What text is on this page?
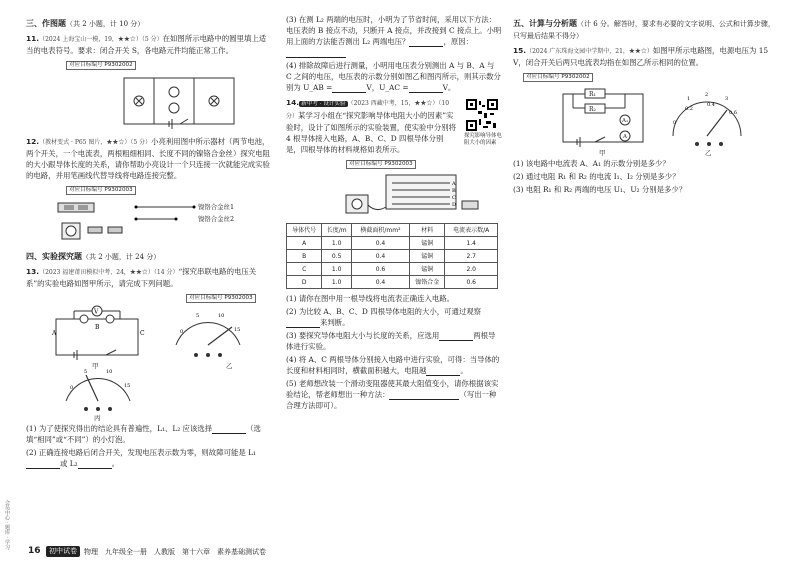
会员中心 · 题库 · 学习
三、作图题（共 2 小题，计 10 分）
11.（2024 上海宝山一模，19，★★☆）（5 分）在如图所示电路中的圆里填上适当的电表符号。要求：闭合开关 S，各电路元件均能正常工作。
对应目标编号 P9302002
12.（教材变式 · P65 图片，★★☆）（5 分）小亮利用图中所示器材（两节电池，两个开关，一个电流表，两根粗细相同、长度不同的镍铬合金丝）探究电阻的大小跟导体长度的关系，请你帮助小亮设计一个只连接一次就能完成实验的电路，并用笔画线代替导线将电路连接完整。
对应目标编号 P9302003
镍铬合金丝1
镍铬合金丝2
四、实验探究题（共 2 小题，计 24 分）
13.（2023 福建莆田模拟中考，24，★★☆）（14 分）“探究串联电路的电压关系”的实验电路如图甲所示，请完成下列问题。
对应目标编号 P9302003
V
A
B
C	0
5	10
15
0
5	10
15
甲	乙
丙
(1) 为了使探究得出的结论具有普遍性，L₁、L₂ 应该选择	（选填“相同”或“不同”）的小灯泡。
(2) 正确连接电路后闭合开关，发现电压表示数为零，则故障可能是 L₁或 L₂	。
(3) 在测 L₂ 两端的电压时，小明为了节省时间，采用以下方法：电压表的 B 接点不动，只断开 A 接点，并改接到 C 接点上。小明用上面的方法能否测出 L₂ 两端电压？	，原因：
(4) 排除故障后进行测量，小明用电压表分别测出 A 与 B、A 与 C 之间的电压，电压表的示数分别如图乙和图丙所示，则其示数分别为 U_AB =	V，U_AC =	V。
14. 新中考 · 设计实验 （2023 西藏中考，15，★★☆）（10 分）某学习小组在“探究影响导体电阻大小的因素”实验时，设计了如图所示的实验装置，使实验中分别将 4 根导体接入电路，A、B、C、D 四根导体分别是，四根导体的材料规格如表所示。
探究影响导体电阻大小的因素
对应目标编号 P9302003
A
B
C
D
导体代号	长度/m	横截面积/mm²	材料	电流表示数/A
A	1.0	0.4	锰铜	1.4
B	0.5	0.4	锰铜	2.7
C	1.0	0.6	锰铜	2.0
D	1.0	0.4	镍铬合金	0.6
(1) 请你在图中用一根导线将电流表正确连入电路。
(2) 为比较 A、B、C、D 四根导体电阻的大小，可通过观察来判断。
(3) 要探究导体电阻大小与长度的关系，应选用	两根导体进行实验。
(4) 将 A、C 两根导体分别接入电路中进行实验，可得：当导体的长度和材料相同时，横截面积越大，电阻越	。
(5) 老师想改装一个滑动变阻器使其最大阻值变小，请你根据该实验结论，帮老师想出一种方法：	（写出一种合理方法即可）。
五、计算与分析题（计 6 分。解答时，要求有必要的文字说明、公式和计算步骤，只写最后结果不得分）
15.（2024 广东珠海文园中学期中，21，★★☆）如图甲所示电路图，电源电压为 15 V，闭合开关后两只电流表均指在如图乙所示相同的位置。
对应目标编号 P9302002
0
0.2
0.4
0.6
1
2
3
R₁
R₂
A₁
A
甲	乙
(1) 该电路中电流表 A、A₁ 的示数分别是多少？
(2) 通过电阻 R₁ 和 R₂ 的电流 I₁、I₂ 分别是多少？
(3) 电阻 R₁ 和 R₂ 两端的电压 U₁、U₂ 分别是多少？
16	初中试卷	物理　九年级全一册　人教版　第十六章　素养基础测试卷
